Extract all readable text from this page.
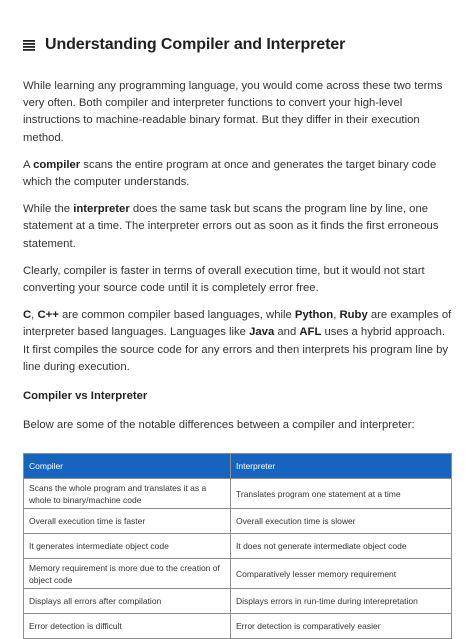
Understanding Compiler and Interpreter

While learning any programming language, you would come across these two terms very often. Both compiler and interpreter functions to convert your high-level instructions to machine-readable binary format. But they differ in their execution method.

A compiler scans the entire program at once and generates the target binary code which the computer understands.

While the interpreter does the same task but scans the program line by line, one statement at a time. The interpreter errors out as soon as it finds the first erroneous statement.

Clearly, compiler is faster in terms of overall execution time, but it would not start converting your source code until it is completely error free.

C, C++ are common compiler based languages, while Python, Ruby are examples of interpreter based languages. Languages like Java and AFL uses a hybrid approach. It first compiles the source code for any errors and then interprets his program line by line during execution.

Compiler vs Interpreter

Below are some of the notable differences between a compiler and interpreter:

Compiler	Interpreter
Scans the whole program and translates it as a whole to binary/machine code	Translates program one statement at a time
Overall execution time is faster	Overall execution time is slower
It generates intermediate object code	It does not generate intermediate object code
Memory requirement is more due to the creation of object code	Comparatively lesser memory requirement
Displays all errors after compilation	Displays errors in run-time during interepretation
Error detection is difficult	Error detection is comparatively easier
